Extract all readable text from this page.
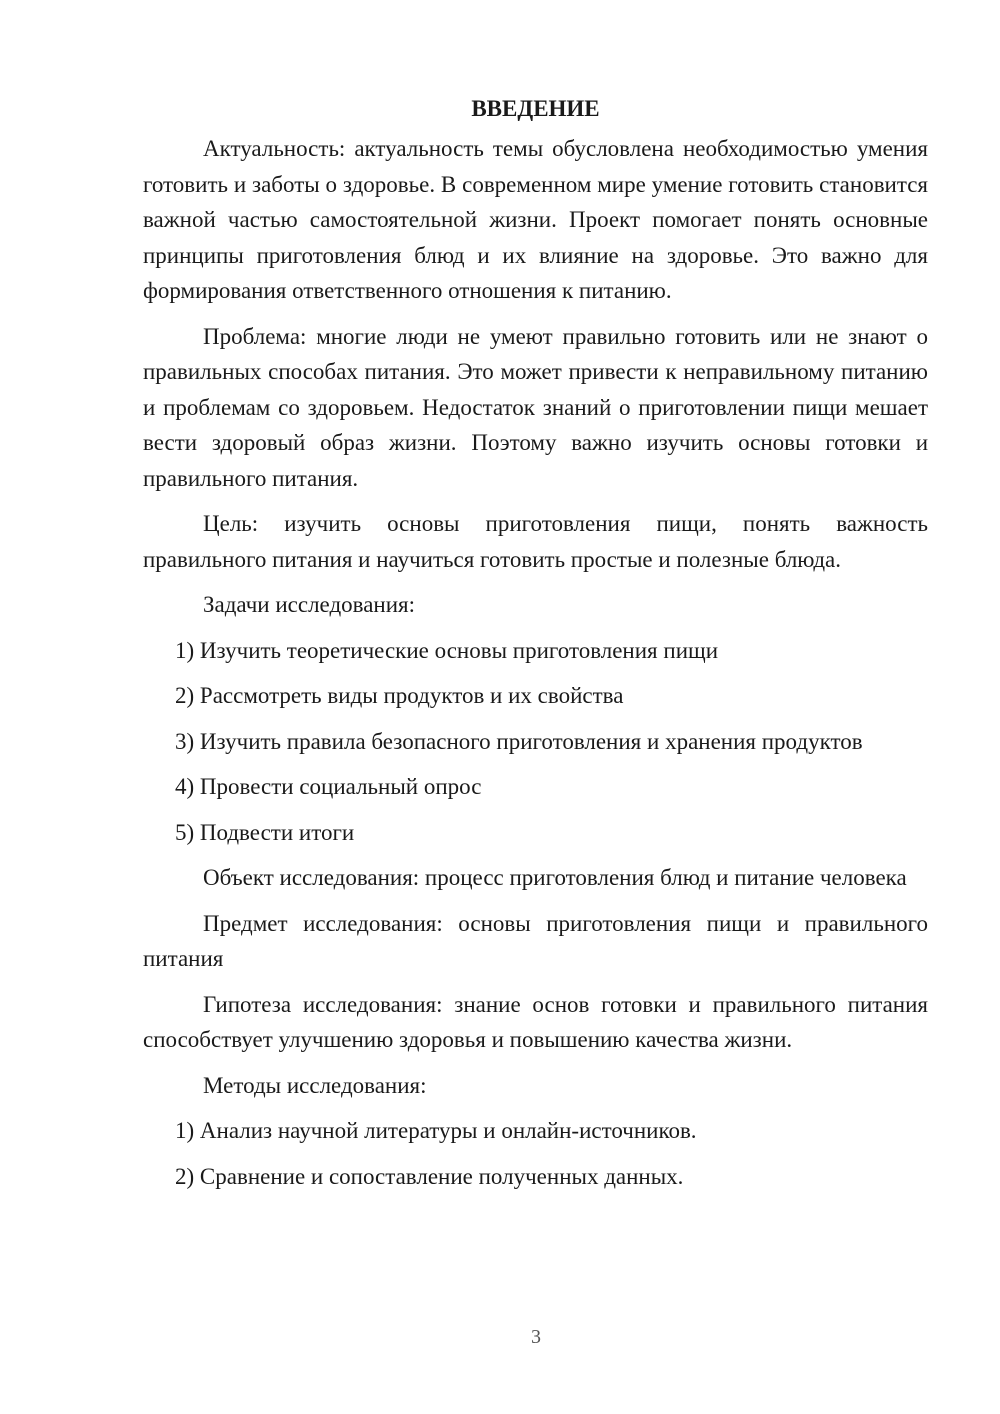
ВВЕДЕНИЕ

Актуальность: актуальность темы обусловлена необходимостью умения готовить и заботы о здоровье. В современном мире умение готовить становится важной частью самостоятельной жизни. Проект помогает понять основные принципы приготовления блюд и их влияние на здоровье. Это важно для формирования ответственного отношения к питанию.

Проблема: многие люди не умеют правильно готовить или не знают о правильных способах питания. Это может привести к неправильному питанию и проблемам со здоровьем. Недостаток знаний о приготовлении пищи мешает вести здоровый образ жизни. Поэтому важно изучить основы готовки и правильного питания.

Цель: изучить основы приготовления пищи, понять важность правильного питания и научиться готовить простые и полезные блюда.

Задачи исследования:

1) Изучить теоретические основы приготовления пищи

2) Рассмотреть виды продуктов и их свойства

3) Изучить правила безопасного приготовления и хранения продуктов

4) Провести социальный опрос

5) Подвести итоги

Объект исследования: процесс приготовления блюд и питание человека

Предмет исследования: основы приготовления пищи и правильного питания

Гипотеза исследования: знание основ готовки и правильного питания способствует улучшению здоровья и повышению качества жизни.

Методы исследования:

1) Анализ научной литературы и онлайн-источников.

2) Сравнение и сопоставление полученных данных.

3
